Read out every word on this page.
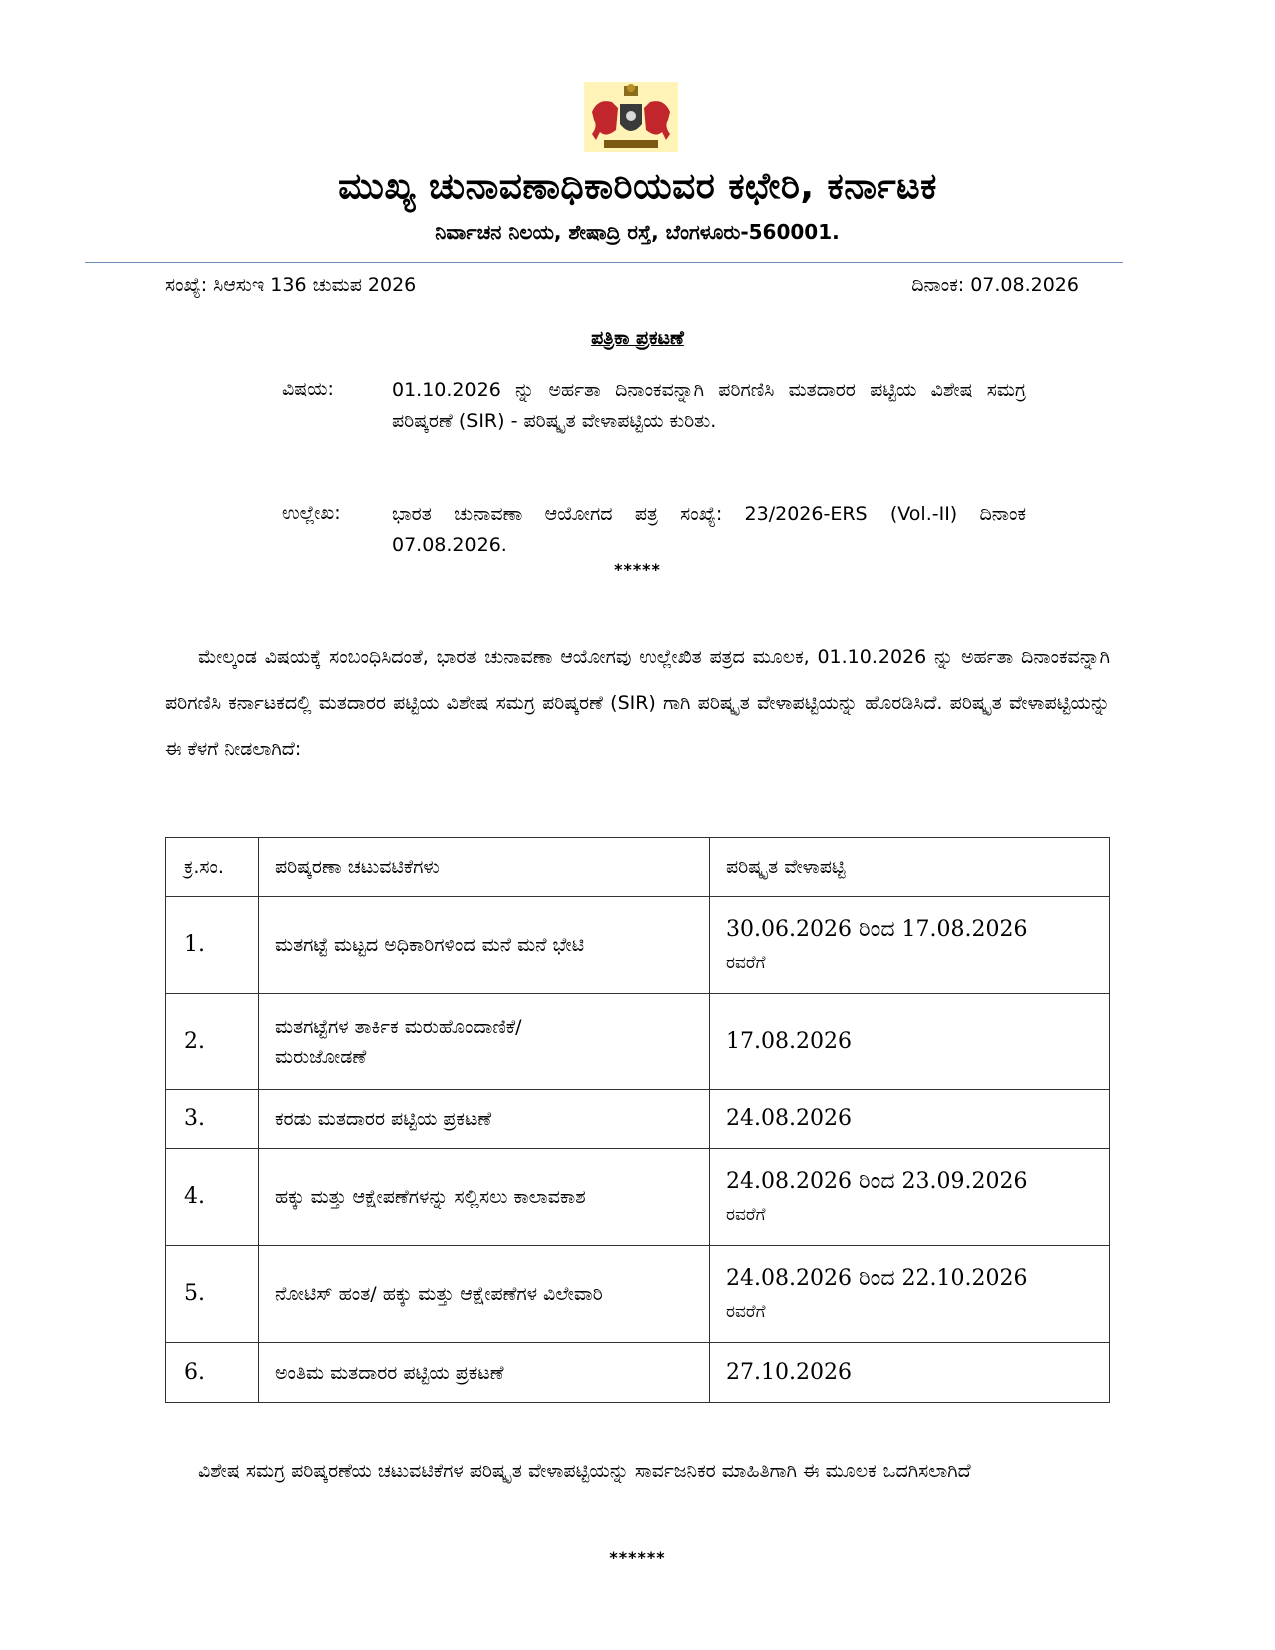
ಮುಖ್ಯ ಚುನಾವಣಾಧಿಕಾರಿಯವರ ಕಛೇರಿ, ಕರ್ನಾಟಕ
ನಿರ್ವಾಚನ ನಿಲಯ, ಶೇಷಾದ್ರಿ ರಸ್ತೆ, ಬೆಂಗಳೂರು-560001.
ಸಂಖ್ಯೆ: ಸಿಆಸುಇ 136 ಚುಮಪ 2026	ದಿನಾಂಕ: 07.08.2026
ಪತ್ರಿಕಾ ಪ್ರಕಟಣೆ
ವಿಷಯ:	01.10.2026 ನ್ನು ಅರ್ಹತಾ ದಿನಾಂಕವನ್ನಾಗಿ ಪರಿಗಣಿಸಿ ಮತದಾರರ ಪಟ್ಟಿಯ ವಿಶೇಷ ಸಮಗ್ರ ಪರಿಷ್ಕರಣೆ (SIR) - ಪರಿಷ್ಕೃತ ವೇಳಾಪಟ್ಟಿಯ ಕುರಿತು.
ಉಲ್ಲೇಖ:	ಭಾರತ ಚುನಾವಣಾ ಆಯೋಗದ ಪತ್ರ ಸಂಖ್ಯೆ: 23/2026-ERS (Vol.-II) ದಿನಾಂಕ 07.08.2026.
*****
ಮೇಲ್ಕಂಡ ವಿಷಯಕ್ಕೆ ಸಂಬಂಧಿಸಿದಂತೆ, ಭಾರತ ಚುನಾವಣಾ ಆಯೋಗವು ಉಲ್ಲೇಖಿತ ಪತ್ರದ ಮೂಲಕ, 01.10.2026 ನ್ನು ಅರ್ಹತಾ ದಿನಾಂಕವನ್ನಾಗಿ ಪರಿಗಣಿಸಿ ಕರ್ನಾಟಕದಲ್ಲಿ ಮತದಾರರ ಪಟ್ಟಿಯ ವಿಶೇಷ ಸಮಗ್ರ ಪರಿಷ್ಕರಣೆ (SIR) ಗಾಗಿ ಪರಿಷ್ಕೃತ ವೇಳಾಪಟ್ಟಿಯನ್ನು ಹೊರಡಿಸಿದೆ. ಪರಿಷ್ಕೃತ ವೇಳಾಪಟ್ಟಿಯನ್ನು ಈ ಕೆಳಗೆ ನೀಡಲಾಗಿದೆ:
ಕ್ರ.ಸಂ.	ಪರಿಷ್ಕರಣಾ ಚಟುವಟಿಕೆಗಳು	ಪರಿಷ್ಕೃತ ವೇಳಾಪಟ್ಟಿ
1.	ಮತಗಟ್ಟೆ ಮಟ್ಟದ ಅಧಿಕಾರಿಗಳಿಂದ ಮನೆ ಮನೆ ಭೇಟಿ	30.06.2026 ರಿಂದ 17.08.2026
ರವರೆಗೆ

2.	ಮತಗಟ್ಟೆಗಳ ತಾರ್ಕಿಕ ಮರುಹೊಂದಾಣಿಕೆ/
ಮರುಜೋಡಣೆ	17.08.2026
3.	ಕರಡು ಮತದಾರರ ಪಟ್ಟಿಯ ಪ್ರಕಟಣೆ	24.08.2026
4.	ಹಕ್ಕು ಮತ್ತು ಆಕ್ಷೇಪಣೆಗಳನ್ನು ಸಲ್ಲಿಸಲು ಕಾಲಾವಕಾಶ	24.08.2026 ರಿಂದ 23.09.2026
ರವರೆಗೆ

5.	ನೋಟಿಸ್ ಹಂತ/ ಹಕ್ಕು ಮತ್ತು ಆಕ್ಷೇಪಣೆಗಳ ವಿಲೇವಾರಿ	24.08.2026 ರಿಂದ 22.10.2026
ರವರೆಗೆ

6.	ಅಂತಿಮ ಮತದಾರರ ಪಟ್ಟಿಯ ಪ್ರಕಟಣೆ	27.10.2026
ವಿಶೇಷ ಸಮಗ್ರ ಪರಿಷ್ಕರಣೆಯ ಚಟುವಟಿಕೆಗಳ ಪರಿಷ್ಕೃತ ವೇಳಾಪಟ್ಟಿಯನ್ನು ಸಾರ್ವಜನಿಕರ ಮಾಹಿತಿಗಾಗಿ ಈ ಮೂಲಕ ಒದಗಿಸಲಾಗಿದೆ
******
